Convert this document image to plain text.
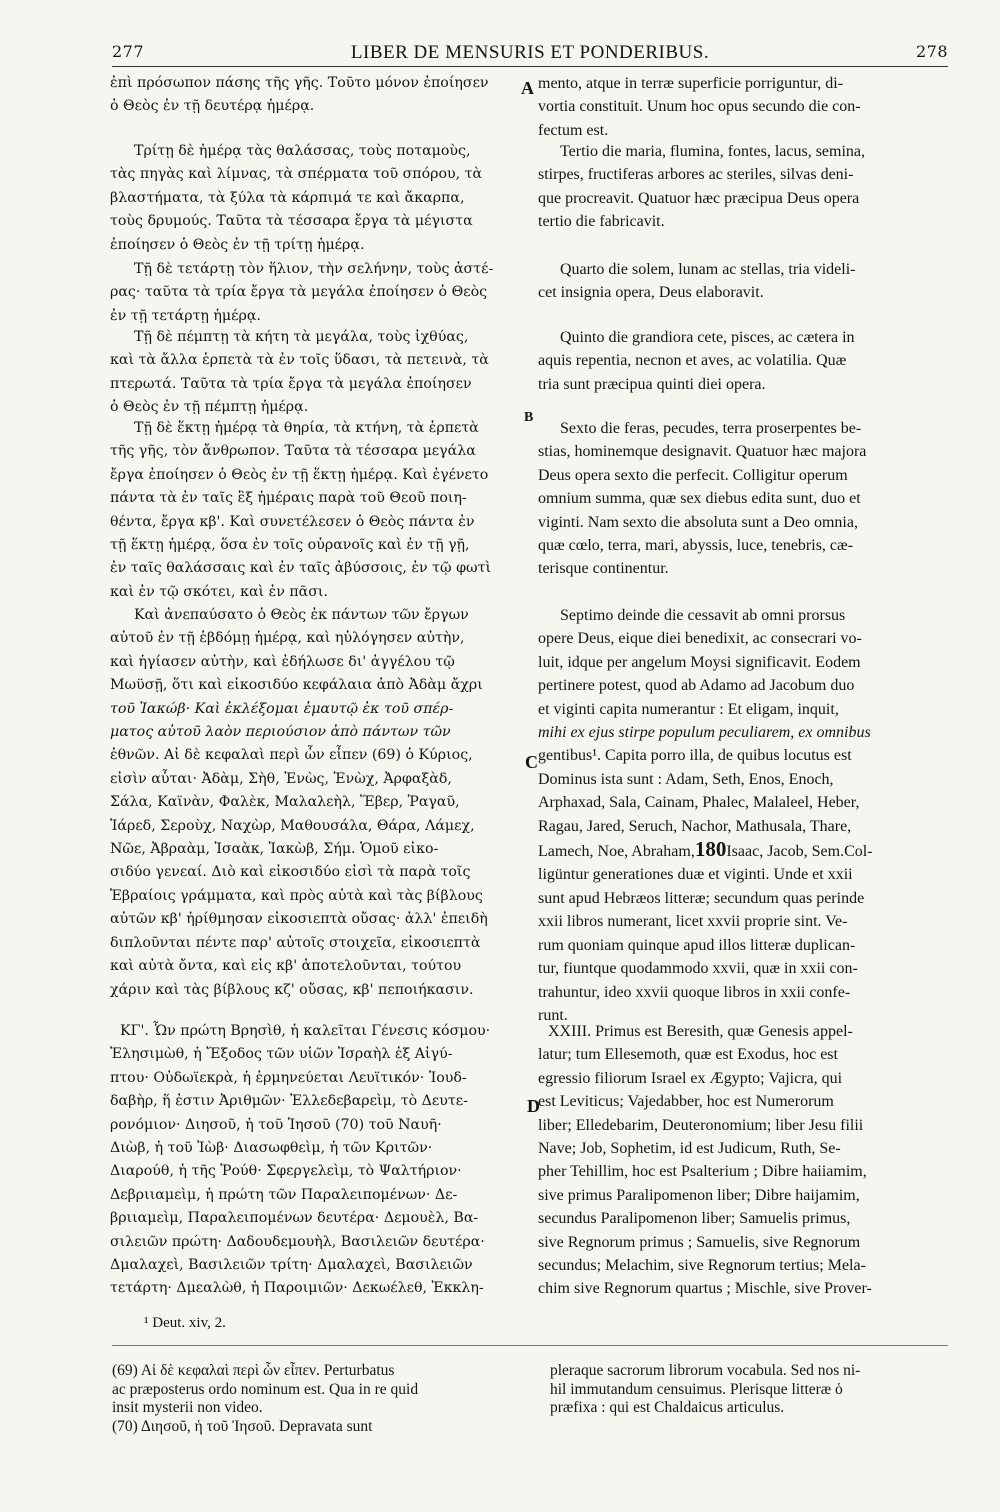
277	LIBER DE MENSURIS ET PONDERIBUS.	278
A
B
C
D
ἐπὶ πρόσωπον πάσης τῆς γῆς. Τοῦτο μόνον ἐποίησεν
ὁ Θεὸς ἐν τῇ δευτέρᾳ ἡμέρᾳ.
Τρίτῃ δὲ ἡμέρᾳ τὰς θαλάσσας, τοὺς ποταμοὺς,
τὰς πηγὰς καὶ λίμνας, τὰ σπέρματα τοῦ σπόρου, τὰ
βλαστήματα, τὰ ξύλα τὰ κάρπιμά τε καὶ ἄκαρπα,
τοὺς δρυμούς. Ταῦτα τὰ τέσσαρα ἔργα τὰ μέγιστα
ἐποίησεν ὁ Θεὸς ἐν τῇ τρίτῃ ἡμέρᾳ.
Τῇ δὲ τετάρτῃ τὸν ἥλιον, τὴν σελήνην, τοὺς ἀστέ-
ρας· ταῦτα τὰ τρία ἔργα τὰ μεγάλα ἐποίησεν ὁ Θεὸς
ἐν τῇ τετάρτῃ ἡμέρᾳ.
Τῇ δὲ πέμπτῃ τὰ κήτη τὰ μεγάλα, τοὺς ἰχθύας,
καὶ τὰ ἄλλα ἑρπετὰ τὰ ἐν τοῖς ὕδασι, τὰ πετεινὰ, τὰ
πτερωτά. Ταῦτα τὰ τρία ἔργα τὰ μεγάλα ἐποίησεν
ὁ Θεὸς ἐν τῇ πέμπτῃ ἡμέρᾳ.
Τῇ δὲ ἕκτῃ ἡμέρᾳ τὰ θηρία, τὰ κτήνη, τὰ ἑρπετὰ
τῆς γῆς, τὸν ἄνθρωπον. Ταῦτα τὰ τέσσαρα μεγάλα
ἔργα ἐποίησεν ὁ Θεὸς ἐν τῇ ἕκτῃ ἡμέρᾳ. Καὶ ἐγένετο
πάντα τὰ ἐν ταῖς ἓξ ἡμέραις παρὰ τοῦ Θεοῦ ποιη-
θέντα, ἔργα κβ'. Καὶ συνετέλεσεν ὁ Θεὸς πάντα ἐν
τῇ ἕκτῃ ἡμέρᾳ, ὅσα ἐν τοῖς οὐρανοῖς καὶ ἐν τῇ γῇ,
ἐν ταῖς θαλάσσαις καὶ ἐν ταῖς ἀβύσσοις, ἐν τῷ φωτὶ
καὶ ἐν τῷ σκότει, καὶ ἐν πᾶσι.
Καὶ ἀνεπαύσατο ὁ Θεὸς ἐκ πάντων τῶν ἔργων
αὐτοῦ ἐν τῇ ἑβδόμῃ ἡμέρᾳ, καὶ ηὐλόγησεν αὐτὴν,
καὶ ἡγίασεν αὐτὴν, καὶ ἐδήλωσε δι' ἀγγέλου τῷ
Μωϋσῇ, ὅτι καὶ εἰκοσιδύο κεφάλαια ἀπὸ Ἀδὰμ ἄχρι
τοῦ Ἰακώβ· Καὶ ἐκλέξομαι ἐμαυτῷ ἐκ τοῦ σπέρ-
ματος αὐτοῦ λαὸν περιούσιον ἀπὸ πάντων τῶν
ἐθνῶν. Αἱ δὲ κεφαλαὶ περὶ ὧν εἶπεν (69) ὁ Κύριος,
εἰσὶν αὗται· Ἀδὰμ, Σὴθ, Ἐνὼς, Ἐνὼχ, Ἀρφαξὰδ,
Σάλα, Καϊνὰν, Φαλὲκ, Μαλαλεὴλ, Ἕβερ, Ῥαγαῦ,
Ἰάρεδ, Σεροὺχ, Ναχὼρ, Μαθουσάλα, Θάρα, Λάμεχ,
Νῶε, Ἀβραὰμ, Ἰσαὰκ, Ἰακὼβ, Σήμ. Ὁμοῦ εἰκο-
σιδύο γενεαί. Διὸ καὶ εἰκοσιδύο εἰσὶ τὰ παρὰ τοῖς
Ἑβραίοις γράμματα, καὶ πρὸς αὐτὰ καὶ τὰς βίβλους
αὐτῶν κβ' ἠρίθμησαν εἰκοσιεπτὰ οὔσας· ἀλλ' ἐπειδὴ
διπλοῦνται πέντε παρ' αὐτοῖς στοιχεῖα, εἰκοσιεπτὰ
καὶ αὐτὰ ὄντα, καὶ εἰς κβ' ἀποτελοῦνται, τούτου
χάριν καὶ τὰς βίβλους κζ' οὔσας, κβ' πεποιήκασιν.
ΚΓ'. Ὧν πρώτη Βρησὶθ, ἡ καλεῖται Γένεσις κόσμου·
Ἐλησιμὼθ, ἡ Ἔξοδος τῶν υἱῶν Ἰσραὴλ ἐξ Αἰγύ-
πτου· Οὐδωϊεκρὰ, ἡ ἑρμηνεύεται Λευϊτικόν· Ἰουδ-
δαβὴρ, ἥ ἐστιν Ἀριθμῶν· Ἐλλεδεβαρεὶμ, τὸ Δευτε-
ρονόμιον· Διησοῦ, ἡ τοῦ Ἰησοῦ (70) τοῦ Ναυῆ·
Διὼβ, ἡ τοῦ Ἰὼβ· Διασωφθεὶμ, ἡ τῶν Κριτῶν·
Διαρούθ, ἡ τῆς Ῥούθ· Σφεργελεὶμ, τὸ Ψαλτήριον·
Δεβριιαμεὶμ, ἡ πρώτη τῶν Παραλειπομένων· Δε-
βριιαμεὶμ, Παραλειπομένων δευτέρα· Δεμουὲλ, Βα-
σιλειῶν πρώτη· Δαδουδεμουὴλ, Βασιλειῶν δευτέρα·
Δμαλαχεὶ, Βασιλειῶν τρίτη· Δμαλαχεὶ, Βασιλειῶν
τετάρτη· Δμεαλὼθ, ἡ Παροιμιῶν· Δεκωέλεθ, Ἐκκλη-
mento, atque in terræ superficie porriguntur, di-
vortia constituit. Unum hoc opus secundo die con-
fectum est.
Tertio die maria, flumina, fontes, lacus, semina,
stirpes, fructiferas arbores ac steriles, silvas deni-
que procreavit. Quatuor hæc præcipua Deus opera
tertio die fabricavit.
Quarto die solem, lunam ac stellas, tria videli-
cet insignia opera, Deus elaboravit.
Quinto die grandiora cete, pisces, ac cætera in
aquis repentia, necnon et aves, ac volatilia. Quæ
tria sunt præcipua quinti diei opera.
Sexto die feras, pecudes, terra proserpentes be-
stias, hominemque designavit. Quatuor hæc majora
Deus opera sexto die perfecit. Colligitur operum
omnium summa, quæ sex diebus edita sunt, duo et
viginti. Nam sexto die absoluta sunt a Deo omnia,
quæ cœlo, terra, mari, abyssis, luce, tenebris, cæ-
terisque continentur.
Septimo deinde die cessavit ab omni prorsus
opere Deus, eique diei benedixit, ac consecrari vo-
luit, idque per angelum Moysi significavit. Eodem
pertinere potest, quod ab Adamo ad Jacobum duo
et viginti capita numerantur : Et eligam, inquit,
mihi ex ejus stirpe populum peculiarem, ex omnibus
gentibus¹. Capita porro illa, de quibus locutus est
Dominus ista sunt : Adam, Seth, Enos, Enoch,
Arphaxad, Sala, Cainam, Phalec, Malaleel, Heber,
Ragau, Jared, Seruch, Nachor, Mathusala, Thare,
Lamech, Noe, Abraham,180Isaac, Jacob, Sem.Col-
ligüntur generationes duæ et viginti. Unde et xxii
sunt apud Hebræos litteræ; secundum quas perinde
xxii libros numerant, licet xxvii proprie sint. Ve-
rum quoniam quinque apud illos litteræ duplican-
tur, fiuntque quodammodo xxvii, quæ in xxii con-
trahuntur, ideo xxvii quoque libros in xxii confe-
runt.
XXIII. Primus est Beresith, quæ Genesis appel-
latur; tum Ellesemoth, quæ est Exodus, hoc est
egressio filiorum Israel ex Ægypto; Vajicra, qui
est Leviticus; Vajedabber, hoc est Numerorum
liber; Elledebarim, Deuteronomium; liber Jesu filii
Nave; Job, Sophetim, id est Judicum, Ruth, Se-
pher Tehillim, hoc est Psalterium ; Dibre haiiamim,
sive primus Paralipomenon liber; Dibre haijamim,
secundus Paralipomenon liber; Samuelis primus,
sive Regnorum primus ; Samuelis, sive Regnorum
secundus; Melachim, sive Regnorum tertius; Mela-
chim sive Regnorum quartus ; Mischle, sive Prover-
¹ Deut. xiv, 2.
(69) Αἱ δὲ κεφαλαὶ περὶ ὧν εἶπεν. Perturbatus
ac præposterus ordo nominum est. Qua in re quid
insit mysterii non video.
(70) Διησοῦ, ἡ τοῦ Ἰησοῦ. Depravata sunt
pleraque sacrorum librorum vocabula. Sed nos ni-
hil immutandum censuimus. Plerisque litteræ ὁ
præfixa : qui est Chaldaicus articulus.
